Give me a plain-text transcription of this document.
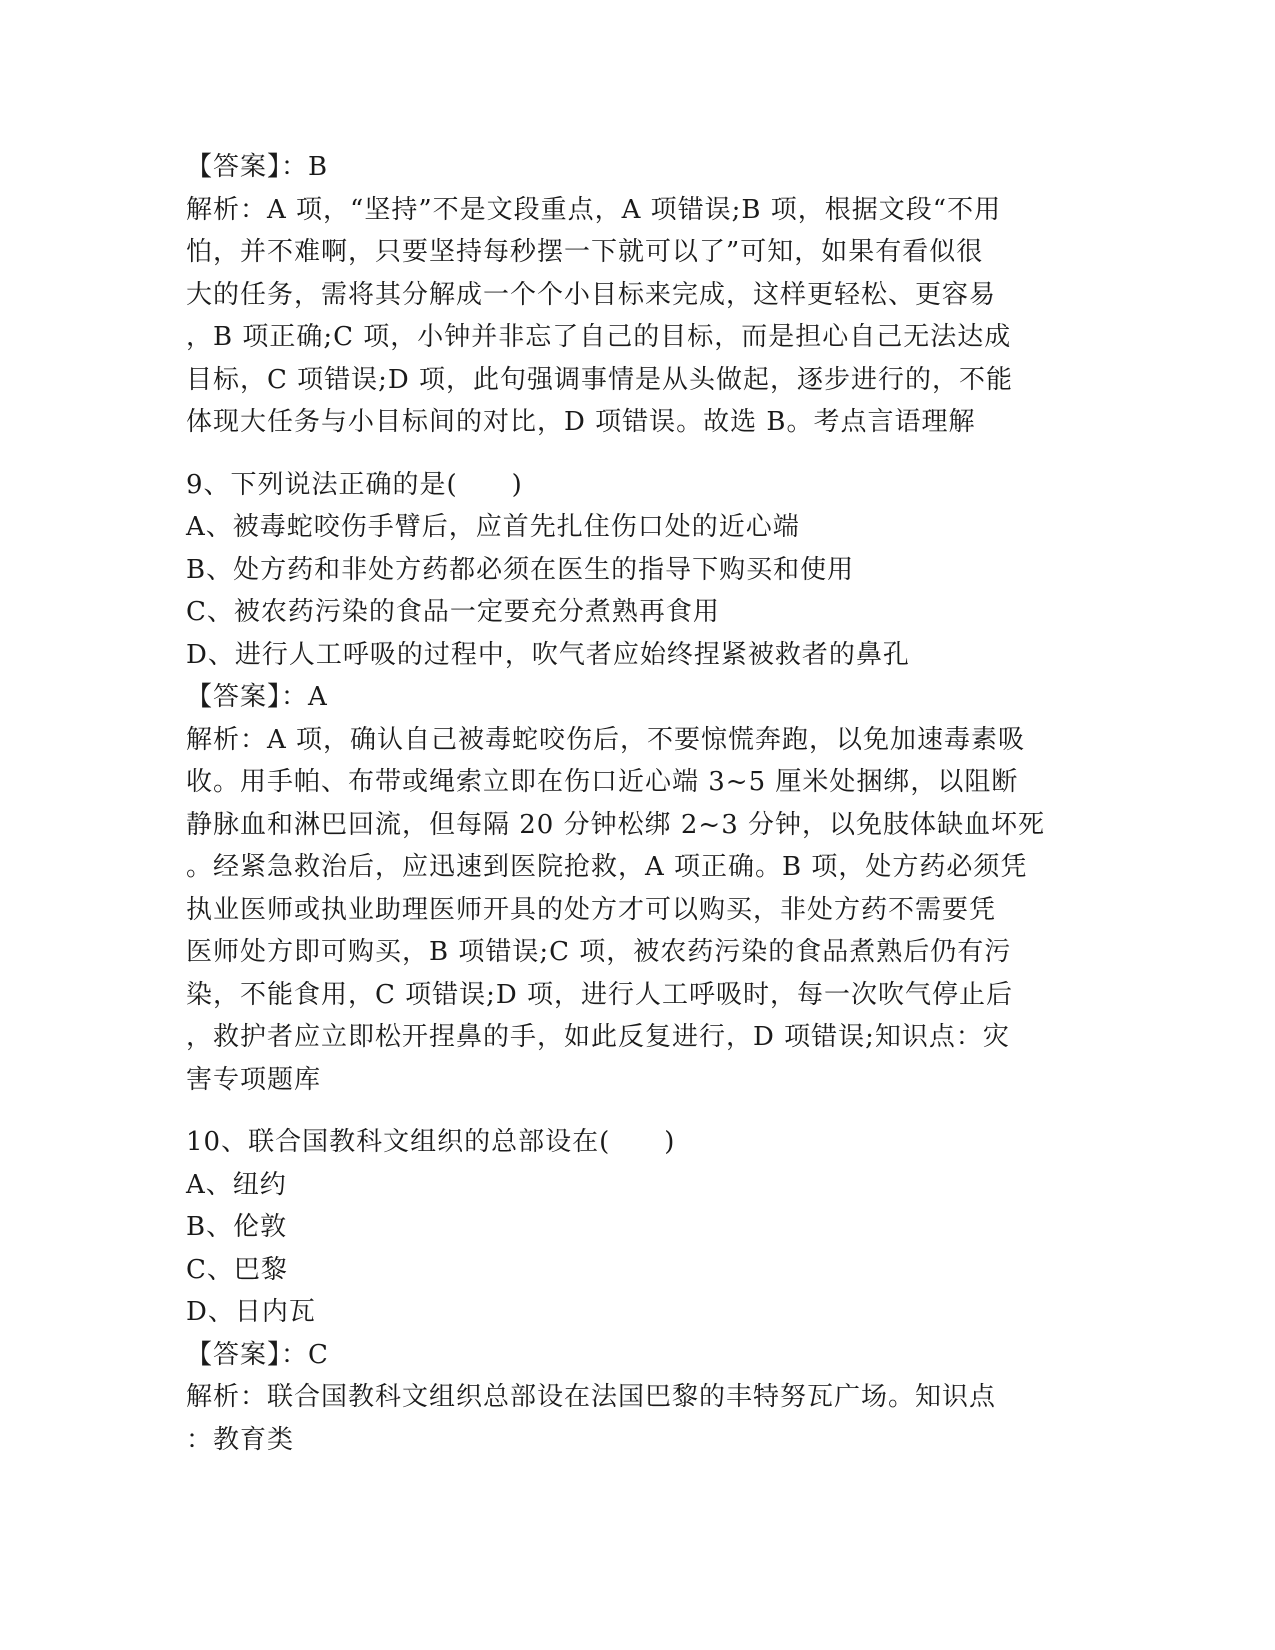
【答案】：B
解析：A 项，“坚持”不是文段重点，A 项错误;B 项，根据文段“不用
怕，并不难啊，只要坚持每秒摆一下就可以了”可知，如果有看似很
大的任务，需将其分解成一个个小目标来完成，这样更轻松、更容易
，B 项正确;C 项，小钟并非忘了自己的目标，而是担心自己无法达成
目标，C 项错误;D 项，此句强调事情是从头做起，逐步进行的，不能
体现大任务与小目标间的对比，D 项错误。故选 B。考点言语理解
9、下列说法正确的是(　　)
A、被毒蛇咬伤手臂后，应首先扎住伤口处的近心端
B、处方药和非处方药都必须在医生的指导下购买和使用
C、被农药污染的食品一定要充分煮熟再食用
D、进行人工呼吸的过程中，吹气者应始终捏紧被救者的鼻孔
【答案】：A
解析：A 项，确认自己被毒蛇咬伤后，不要惊慌奔跑，以免加速毒素吸
收。用手帕、布带或绳索立即在伤口近心端 3~5 厘米处捆绑，以阻断
静脉血和淋巴回流，但每隔 20 分钟松绑 2~3 分钟，以免肢体缺血坏死
。经紧急救治后，应迅速到医院抢救，A 项正确。B 项，处方药必须凭
执业医师或执业助理医师开具的处方才可以购买，非处方药不需要凭
医师处方即可购买，B 项错误;C 项，被农药污染的食品煮熟后仍有污
染，不能食用，C 项错误;D 项，进行人工呼吸时，每一次吹气停止后
，救护者应立即松开捏鼻的手，如此反复进行，D 项错误;知识点：灾
害专项题库
10、联合国教科文组织的总部设在(　　)
A、纽约
B、伦敦
C、巴黎
D、日内瓦
【答案】：C
解析：联合国教科文组织总部设在法国巴黎的丰特努瓦广场。知识点
：教育类
